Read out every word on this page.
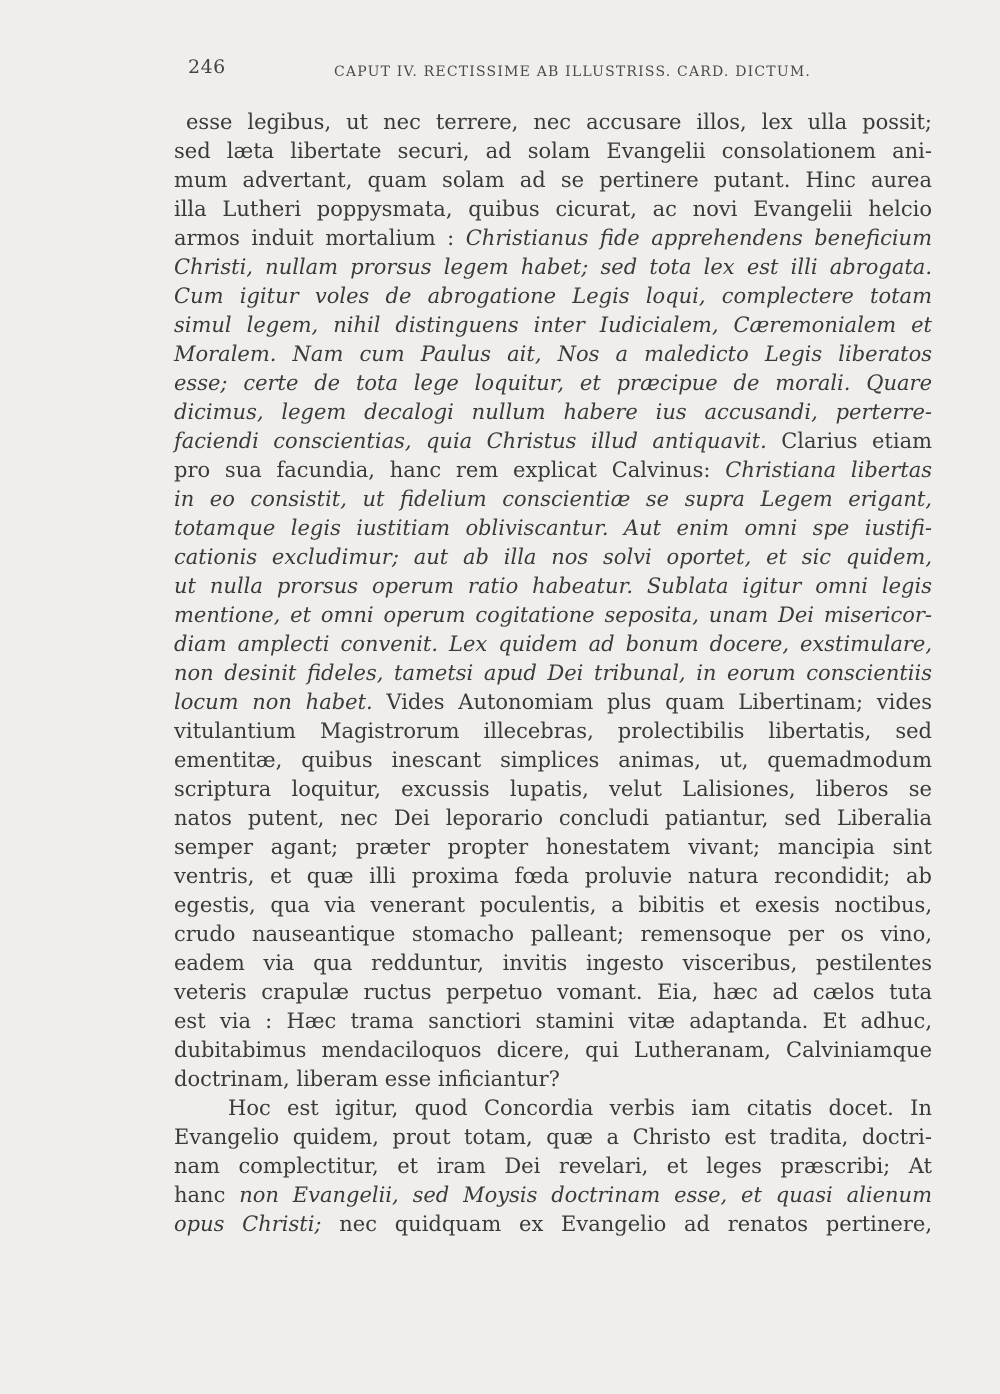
246	CAPUT IV. RECTISSIME AB ILLUSTRISS. CARD. DICTUM.
esse legibus, ut nec terrere, nec accusare illos, lex ulla possit;
sed læta libertate securi, ad solam Evangelii consolationem ani-
mum advertant, quam solam ad se pertinere putant. Hinc aurea
illa Lutheri poppysmata, quibus cicurat, ac novi Evangelii helcio
armos induit mortalium : Christianus fide apprehendens beneficium
Christi, nullam prorsus legem habet; sed tota lex est illi abrogata.
Cum igitur voles de abrogatione Legis loqui, complectere totam
simul legem, nihil distinguens inter Iudicialem, Cæremonialem et
Moralem. Nam cum Paulus ait, Nos a maledicto Legis liberatos
esse; certe de tota lege loquitur, et præcipue de morali. Quare
dicimus, legem decalogi nullum habere ius accusandi, perterre-
faciendi conscientias, quia Christus illud antiquavit. Clarius etiam
pro sua facundia, hanc rem explicat Calvinus: Christiana libertas
in eo consistit, ut fidelium conscientiæ se supra Legem erigant,
totamque legis iustitiam obliviscantur. Aut enim omni spe iustifi-
cationis excludimur; aut ab illa nos solvi oportet, et sic quidem,
ut nulla prorsus operum ratio habeatur. Sublata igitur omni legis
mentione, et omni operum cogitatione seposita, unam Dei misericor-
diam amplecti convenit. Lex quidem ad bonum docere, exstimulare,
non desinit fideles, tametsi apud Dei tribunal, in eorum conscientiis
locum non habet. Vides Autonomiam plus quam Libertinam; vides
vitulantium Magistrorum illecebras, prolectibilis libertatis, sed
ementitæ, quibus inescant simplices animas, ut, quemadmodum
scriptura loquitur, excussis lupatis, velut Lalisiones, liberos se
natos putent, nec Dei leporario concludi patiantur, sed Liberalia
semper agant; præter propter honestatem vivant; mancipia sint
ventris, et quæ illi proxima fœda proluvie natura recondidit; ab
egestis, qua via venerant poculentis, a bibitis et exesis noctibus,
crudo nauseantique stomacho palleant; remensoque per os vino,
eadem via qua redduntur, invitis ingesto visceribus, pestilentes
veteris crapulæ ructus perpetuo vomant. Eia, hæc ad cælos tuta
est via : Hæc trama sanctiori stamini vitæ adaptanda. Et adhuc,
dubitabimus mendaciloquos dicere, qui Lutheranam, Calviniamque
doctrinam, liberam esse inficiantur?
Hoc est igitur, quod Concordia verbis iam citatis docet. In
Evangelio quidem, prout totam, quæ a Christo est tradita, doctri-
nam complectitur, et iram Dei revelari, et leges præscribi; At
hanc non Evangelii, sed Moysis doctrinam esse, et quasi alienum
opus Christi; nec quidquam ex Evangelio ad renatos pertinere,
